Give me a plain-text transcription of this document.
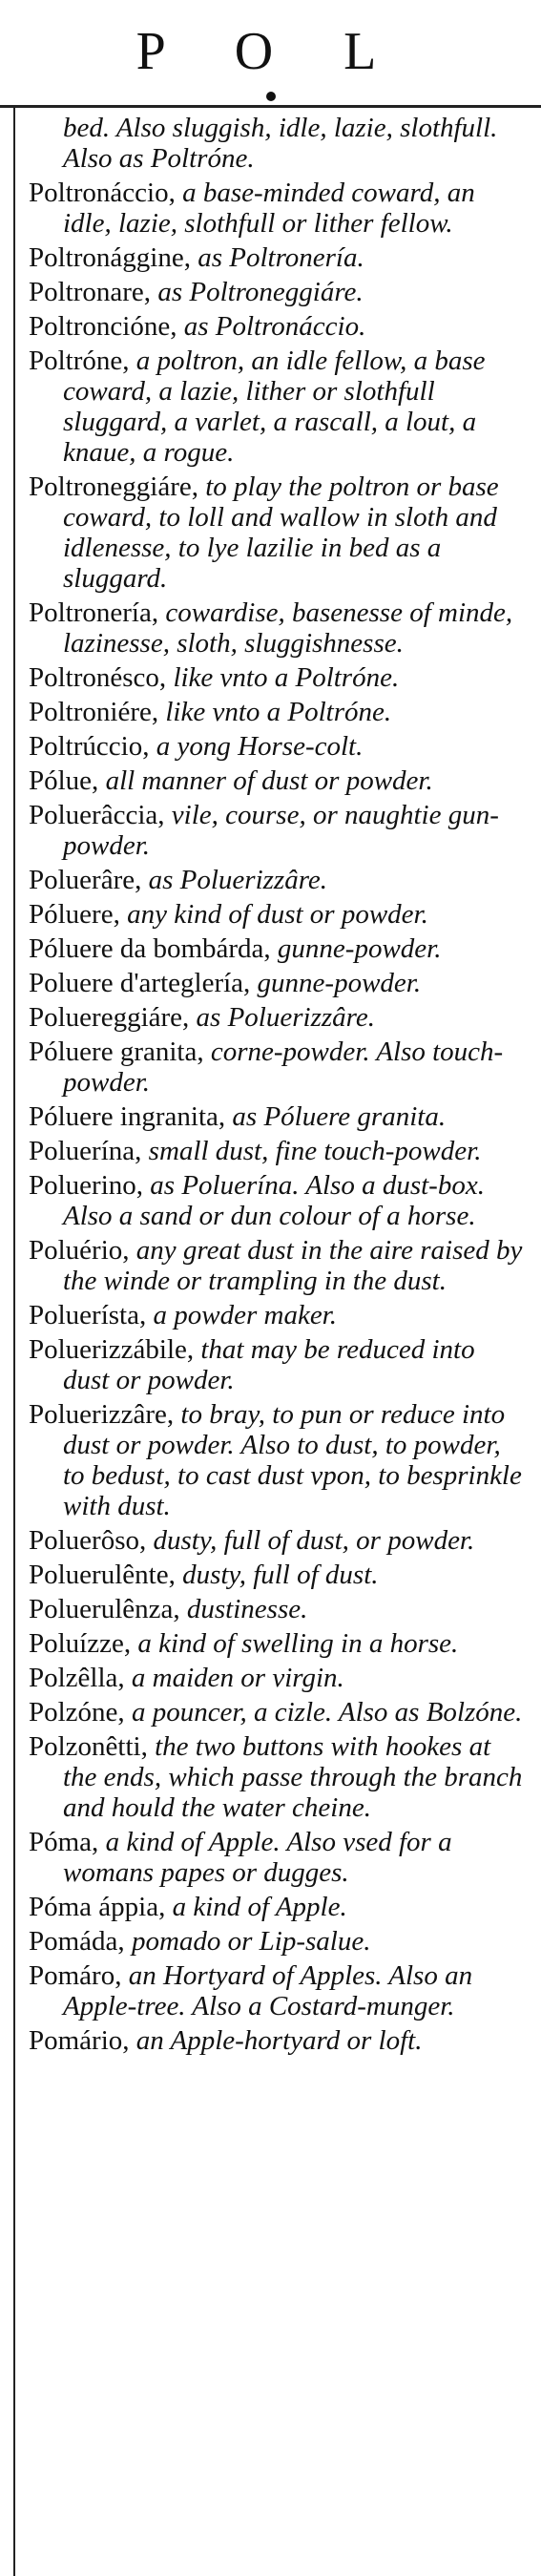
P O L
bed. Also sluggish, idle, lazie, slothfull. Also as Poltróne.
Poltronáccio, a base-minded coward, an idle, lazie, slothfull or lither fellow.
Poltronággine, as Poltronería.
Poltronare, as Poltroneggiáre.
Poltroncióne, as Poltronáccio.
Poltróne, a poltron, an idle fellow, a base coward, a lazie, lither or slothfull sluggard, a varlet, a rascall, a lout, a knaue, a rogue.
Poltroneggiáre, to play the poltron or base coward, to loll and wallow in sloth and idlenesse, to lye lazilie in bed as a sluggard.
Poltronería, cowardise, basenesse of minde, lazinesse, sloth, sluggishnesse.
Poltronésco, like vnto a Poltróne.
Poltroniére, like vnto a Poltróne.
Poltrúccio, a yong Horse-colt.
Pólue, all manner of dust or powder.
Poluerâccia, vile, course, or naughtie gun-powder.
Poluerâre, as Poluerizzâre.
Póluere, any kind of dust or powder.
Póluere da bombárda, gunne-powder.
Poluere d'arteglería, gunne-powder.
Poluereggiáre, as Poluerizzâre.
Póluere granita, corne-powder. Also touch-powder.
Póluere ingranita, as Póluere granita.
Poluerína, small dust, fine touch-powder.
Poluerino, as Poluerína. Also a dust-box. Also a sand or dun colour of a horse.
Poluério, any great dust in the aire raised by the winde or trampling in the dust.
Poluerísta, a powder maker.
Poluerizzábile, that may be reduced into dust or powder.
Poluerizzâre, to bray, to pun or reduce into dust or powder. Also to dust, to powder, to bedust, to cast dust vpon, to besprinkle with dust.
Poluerôso, dusty, full of dust, or powder.
Poluerulênte, dusty, full of dust.
Poluerulênza, dustinesse.
Poluízze, a kind of swelling in a horse.
Polzêlla, a maiden or virgin.
Polzóne, a pouncer, a cizle. Also as Bolzóne.
Polzonêtti, the two buttons with hookes at the ends, which passe through the branch and hould the water cheine.
Póma, a kind of Apple. Also vsed for a womans papes or dugges.
Póma áppia, a kind of Apple.
Pomáda, pomado or Lip-salue.
Pomáro, an Hortyard of Apples. Also an Apple-tree. Also a Costard-munger.
Pomário, an Apple-hortyard or loft.
